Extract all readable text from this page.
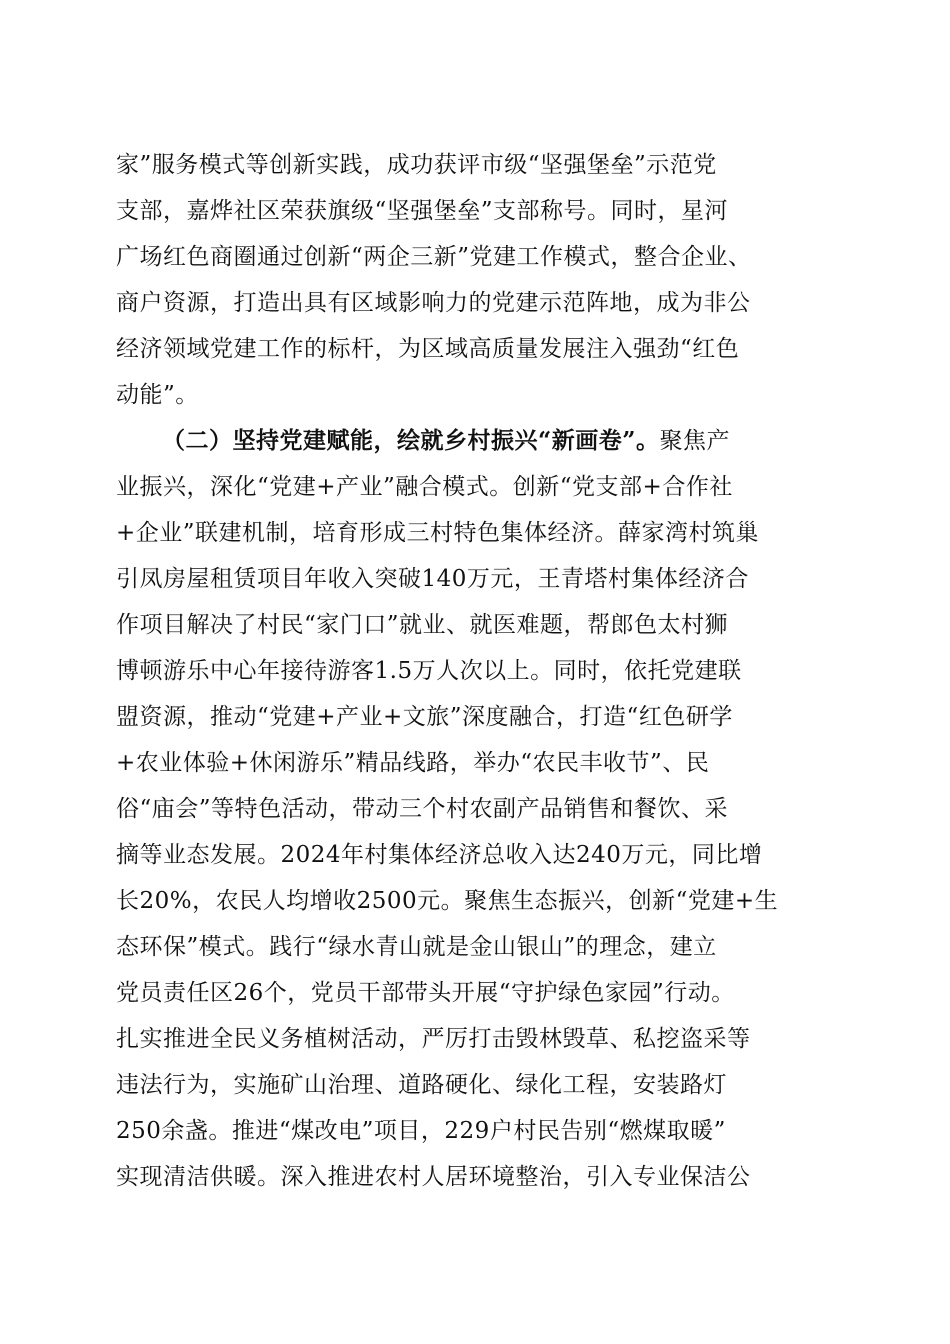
家”服务模式等创新实践，成功获评市级“坚强堡垒”示范党
支部，嘉烨社区荣获旗级“坚强堡垒”支部称号。同时，星河
广场红色商圈通过创新“两企三新”党建工作模式，整合企业、
商户资源，打造出具有区域影响力的党建示范阵地，成为非公
经济领域党建工作的标杆，为区域高质量发展注入强劲“红色
动能”。
（二）坚持党建赋能，绘就乡村振兴“新画卷”。聚焦产
业振兴，深化“党建+产业”融合模式。创新“党支部+合作社
+企业”联建机制，培育形成三村特色集体经济。薛家湾村筑巢
引凤房屋租赁项目年收入突破140万元，王青塔村集体经济合
作项目解决了村民“家门口”就业、就医难题，帮郎色太村狮
博顿游乐中心年接待游客1.5万人次以上。同时，依托党建联
盟资源，推动“党建+产业+文旅”深度融合，打造“红色研学
+农业体验+休闲游乐”精品线路，举办“农民丰收节”、民
俗“庙会”等特色活动，带动三个村农副产品销售和餐饮、采
摘等业态发展。2024年村集体经济总收入达240万元，同比增
长20%，农民人均增收2500元。聚焦生态振兴，创新“党建+生
态环保”模式。践行“绿水青山就是金山银山”的理念，建立
党员责任区26个，党员干部带头开展“守护绿色家园”行动。
扎实推进全民义务植树活动，严厉打击毁林毁草、私挖盗采等
违法行为，实施矿山治理、道路硬化、绿化工程，安装路灯
250余盏。推进“煤改电”项目，229户村民告别“燃煤取暖”
实现清洁供暖。深入推进农村人居环境整治，引入专业保洁公
